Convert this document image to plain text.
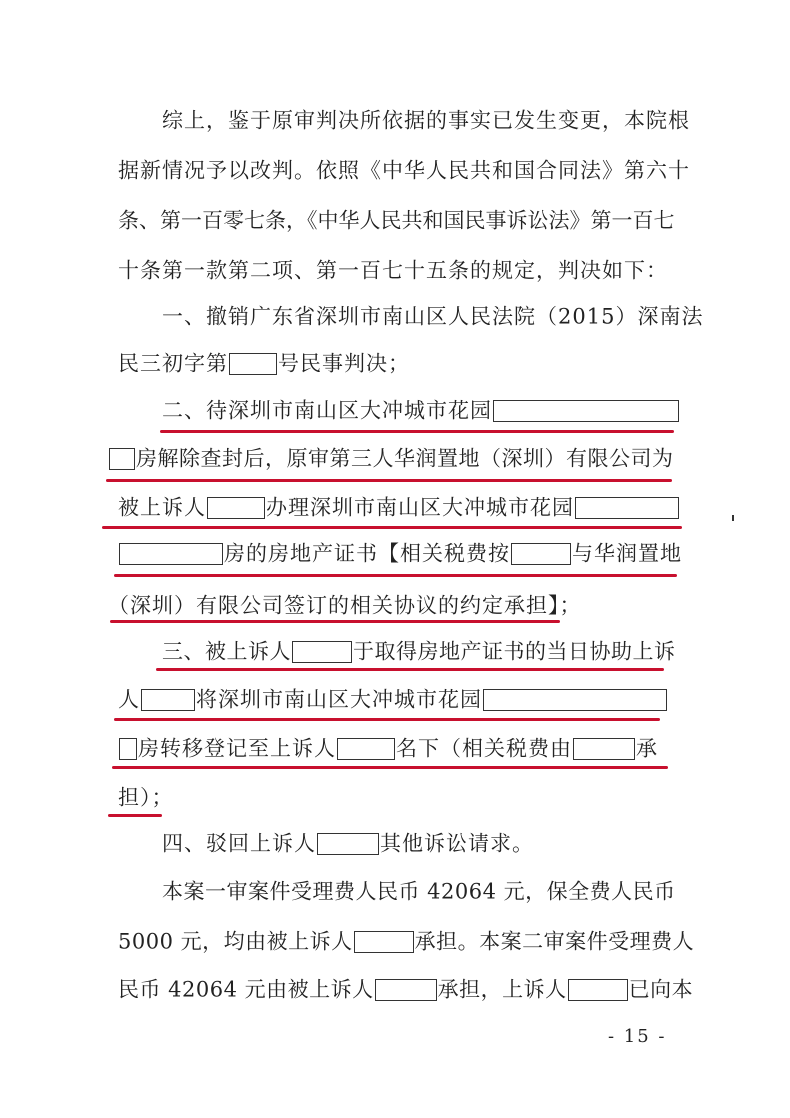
综上，鉴于原审判决所依据的事实已发生变更，本院根
据新情况予以改判。依照《中华人民共和国合同法》第六十
条、第一百零七条，《中华人民共和国民事诉讼法》第一百七
十条第一款第二项、第一百七十五条的规定，判决如下：
一、撤销广东省深圳市南山区人民法院（2015）深南法
民三初字第 号民事判决；
二、待深圳市南山区大冲城市花园
房解除查封后，原审第三人华润置地（深圳）有限公司为
被上诉人	办理深圳市南山区大冲城市花园
房的房地产证书【相关税费按	与华润置地
（深圳）有限公司签订的相关协议的约定承担】；
三、被上诉人	于取得房地产证书的当日协助上诉
人	将深圳市南山区大冲城市花园
房转移登记至上诉人	名下（相关税费由	承
担）；
四、驳回上诉人	其他诉讼请求。
本案一审案件受理费人民币 42064 元，保全费人民币
5000 元，均由被上诉人	承担。本案二审案件受理费人
民币 42064 元由被上诉人	承担，上诉人	已向本
- 15 -
